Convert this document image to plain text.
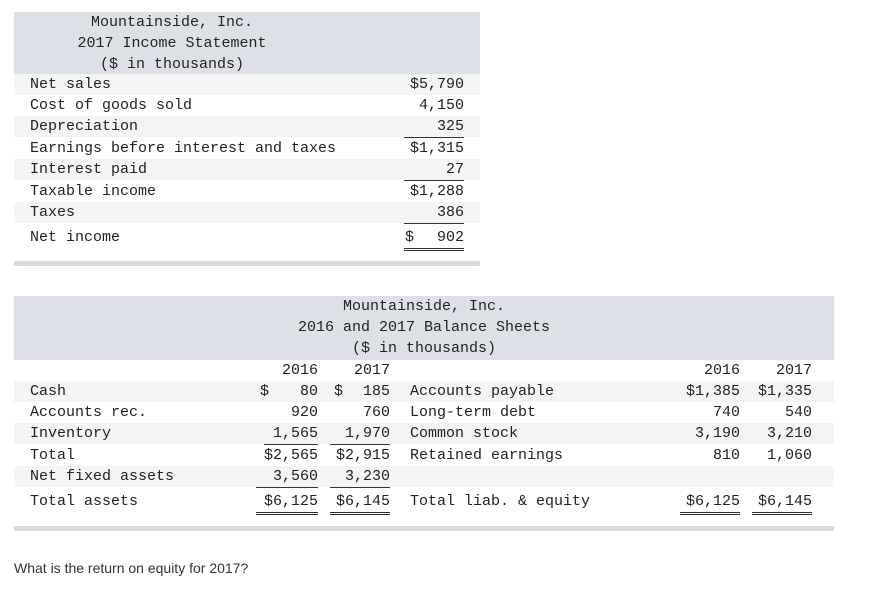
Mountainside, Inc.
2017 Income Statement
($ in thousands)
Net sales	$5,790
Cost of goods sold	4,150
Depreciation	325
Earnings before interest and taxes	$1,315
Interest paid	27
Taxable income	$1,288
Taxes	386
Net income	$	902
Mountainside, Inc.
2016 and 2017 Balance Sheets
($ in thousands)
2016	2017	2016	2017
Cash	$	80 $	185 Accounts payable	$1,385	$1,335
Accounts rec.	920	760 Long-term debt	740	540
Inventory	1,565	1,970 Common stock	3,190	3,210
Total	$2,565	$2,915 Retained earnings	810	1,060
Net fixed assets	3,560	3,230
Total assets	$6,125	$6,145 Total liab. & equity	$6,125	$6,145
What is the return on equity for 2017?
